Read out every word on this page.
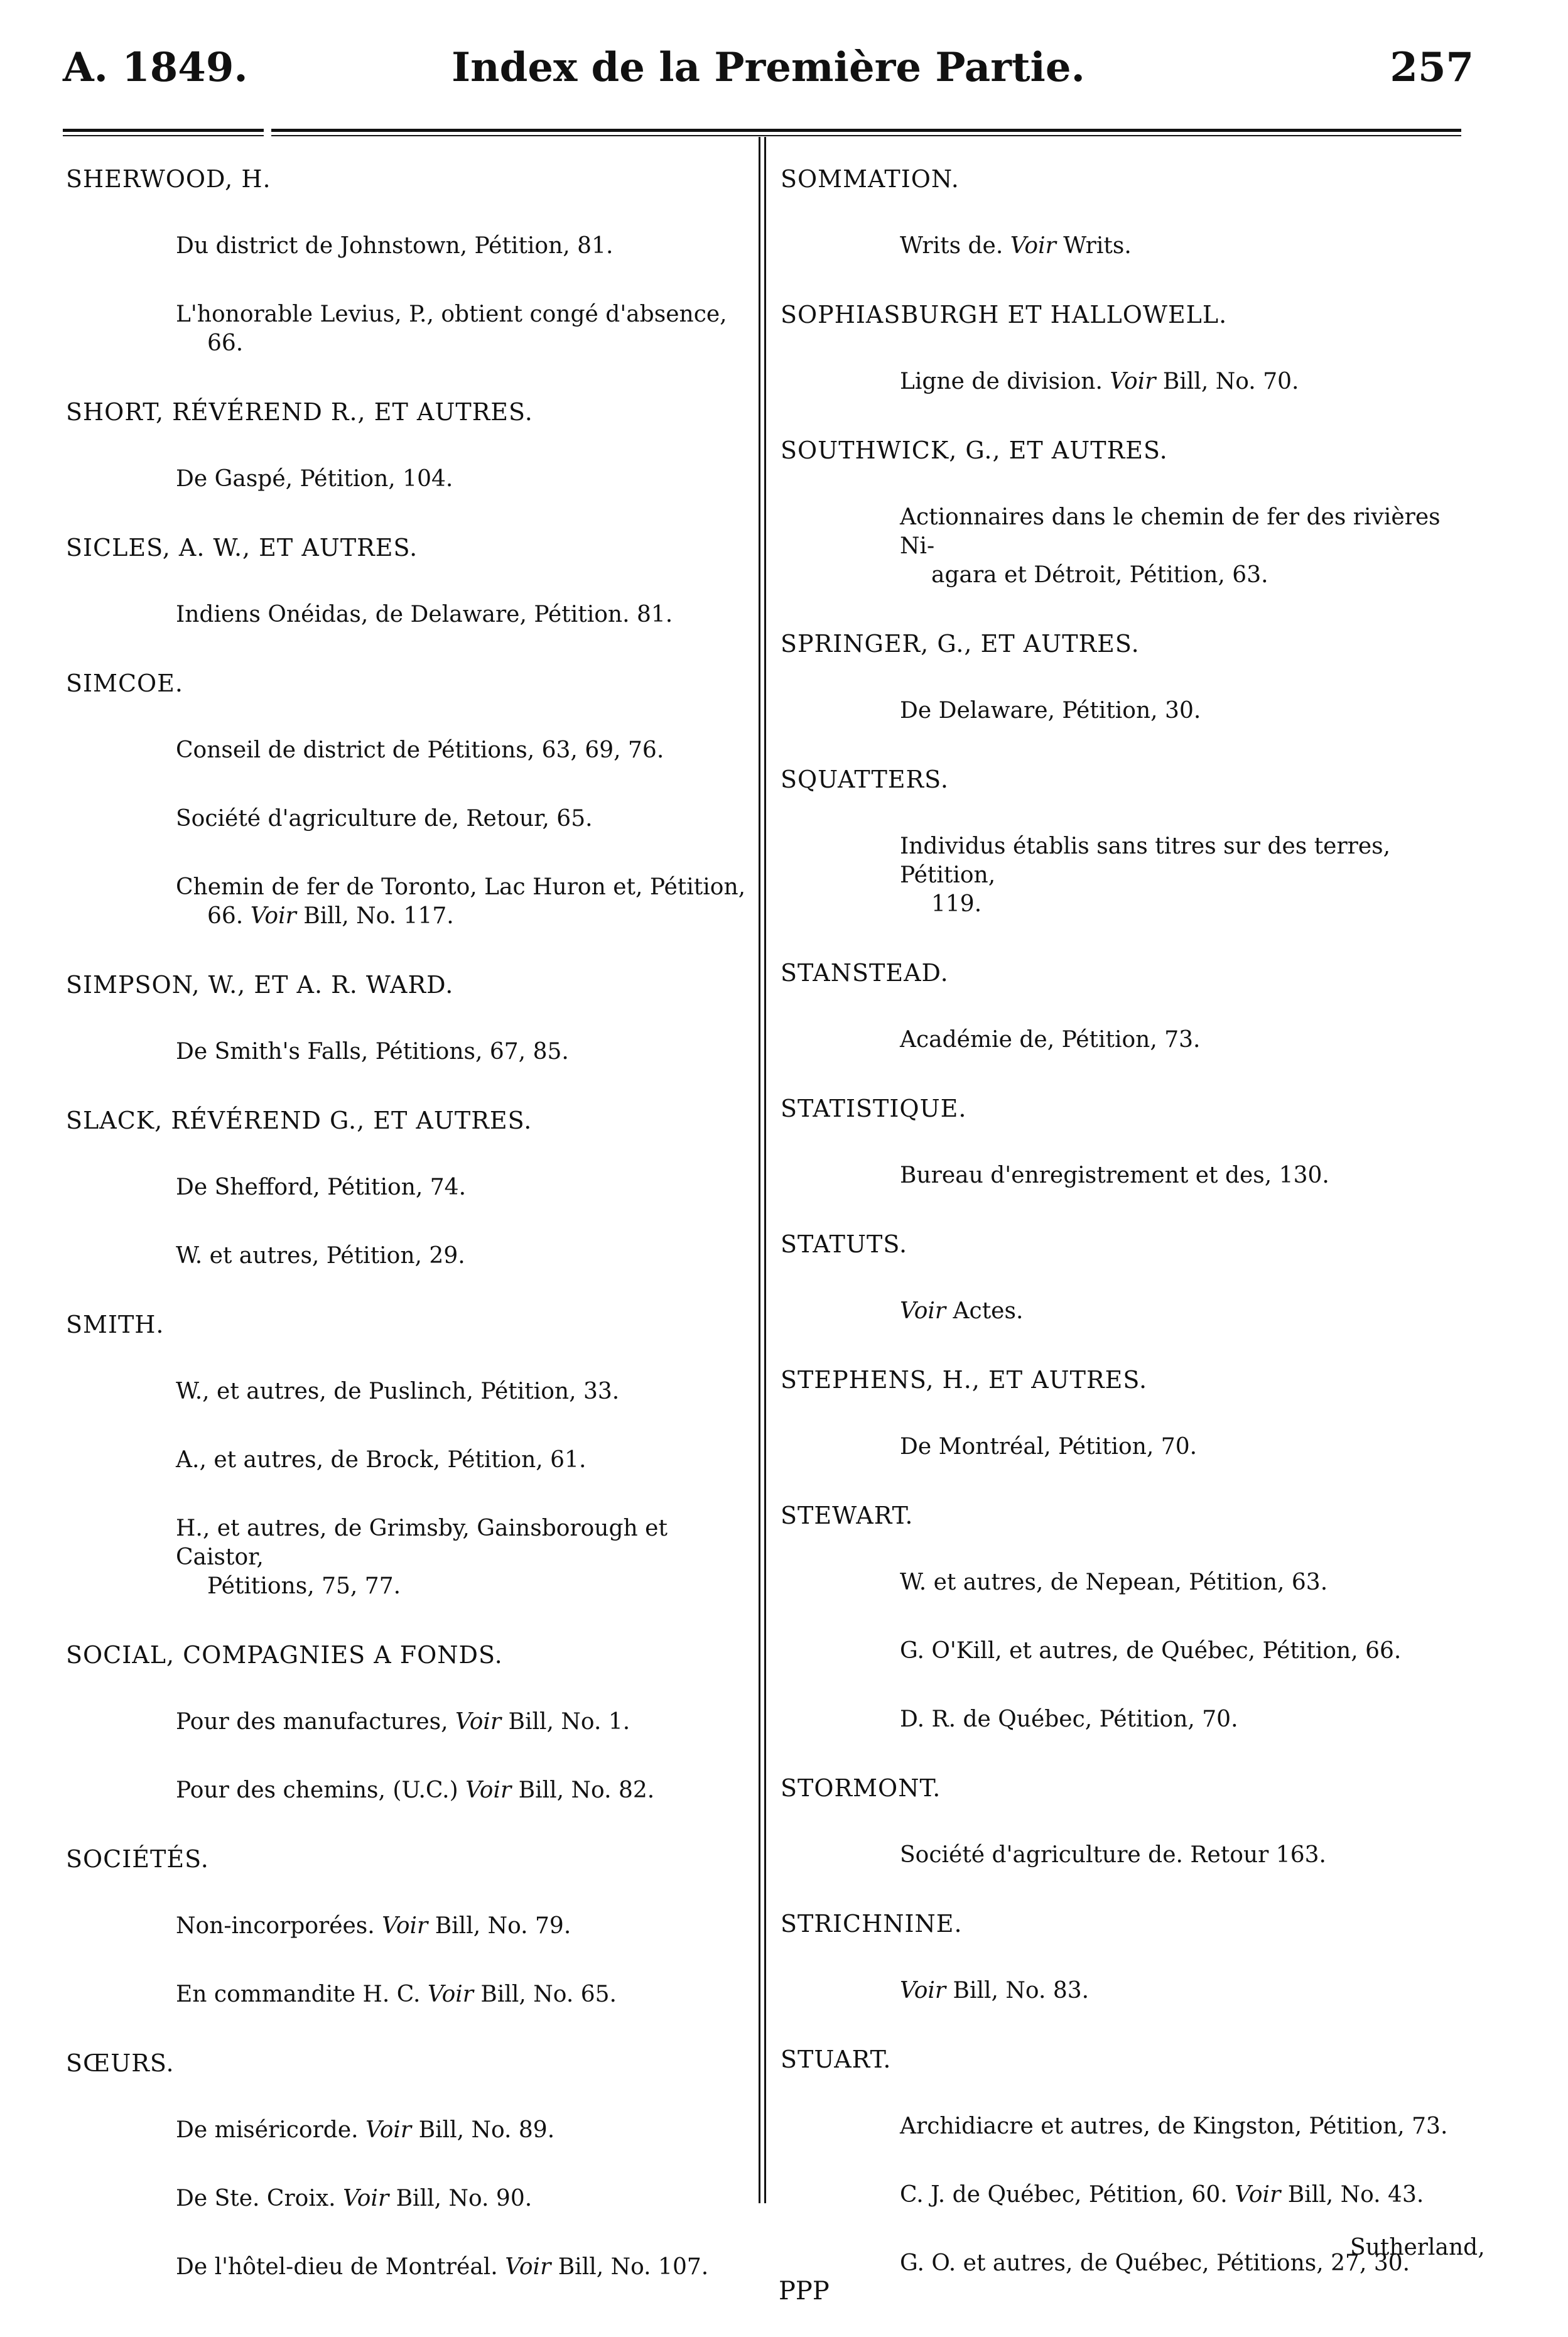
A. 1849.	Index de la Première Partie.	257
SHERWOOD, H.
Du district de Johnstown, Pétition, 81.
L'honorable Levius, P., obtient congé d'absence,
66.
SHORT, RÉVÉREND R., ET AUTRES.
De Gaspé, Pétition, 104.
SICLES, A. W., ET AUTRES.
Indiens Onéidas, de Delaware, Pétition. 81.
SIMCOE.
Conseil de district de Pétitions, 63, 69, 76.
Société d'agriculture de, Retour, 65.
Chemin de fer de Toronto, Lac Huron et, Pétition,
66. Voir Bill, No. 117.
SIMPSON, W., ET A. R. WARD.
De Smith's Falls, Pétitions, 67, 85.
SLACK, RÉVÉREND G., ET AUTRES.
De Shefford, Pétition, 74.
W. et autres, Pétition, 29.
SMITH.
W., et autres, de Puslinch, Pétition, 33.
A., et autres, de Brock, Pétition, 61.
H., et autres, de Grimsby, Gainsborough et Caistor,
Pétitions, 75, 77.
SOCIAL, COMPAGNIES A FONDS.
Pour des manufactures, Voir Bill, No. 1.
Pour des chemins, (U.C.) Voir Bill, No. 82.
SOCIÉTÉS.
Non-incorporées. Voir Bill, No. 79.
En commandite H. C. Voir Bill, No. 65.
SŒURS.
De miséricorde. Voir Bill, No. 89.
De Ste. Croix. Voir Bill, No. 90.
De l'hôtel-dieu de Montréal. Voir Bill, No. 107.
SOMMATION.
Writs de. Voir Writs.
SOPHIASBURGH ET HALLOWELL.
Ligne de division. Voir Bill, No. 70.
SOUTHWICK, G., ET AUTRES.
Actionnaires dans le chemin de fer des rivières Ni-
agara et Détroit, Pétition, 63.
SPRINGER, G., ET AUTRES.
De Delaware, Pétition, 30.
SQUATTERS.
Individus établis sans titres sur des terres, Pétition,
119.
STANSTEAD.
Académie de, Pétition, 73.
STATISTIQUE.
Bureau d'enregistrement et des, 130.
STATUTS.
Voir Actes.
STEPHENS, H., ET AUTRES.
De Montréal, Pétition, 70.
STEWART.
W. et autres, de Nepean, Pétition, 63.
G. O'Kill, et autres, de Québec, Pétition, 66.
D. R. de Québec, Pétition, 70.
STORMONT.
Société d'agriculture de. Retour 163.
STRICHNINE.
Voir Bill, No. 83.
STUART.
Archidiacre et autres, de Kingston, Pétition, 73.
C. J. de Québec, Pétition, 60. Voir Bill, No. 43.
G. O. et autres, de Québec, Pétitions, 27, 30.
Sutherland,
PPP
